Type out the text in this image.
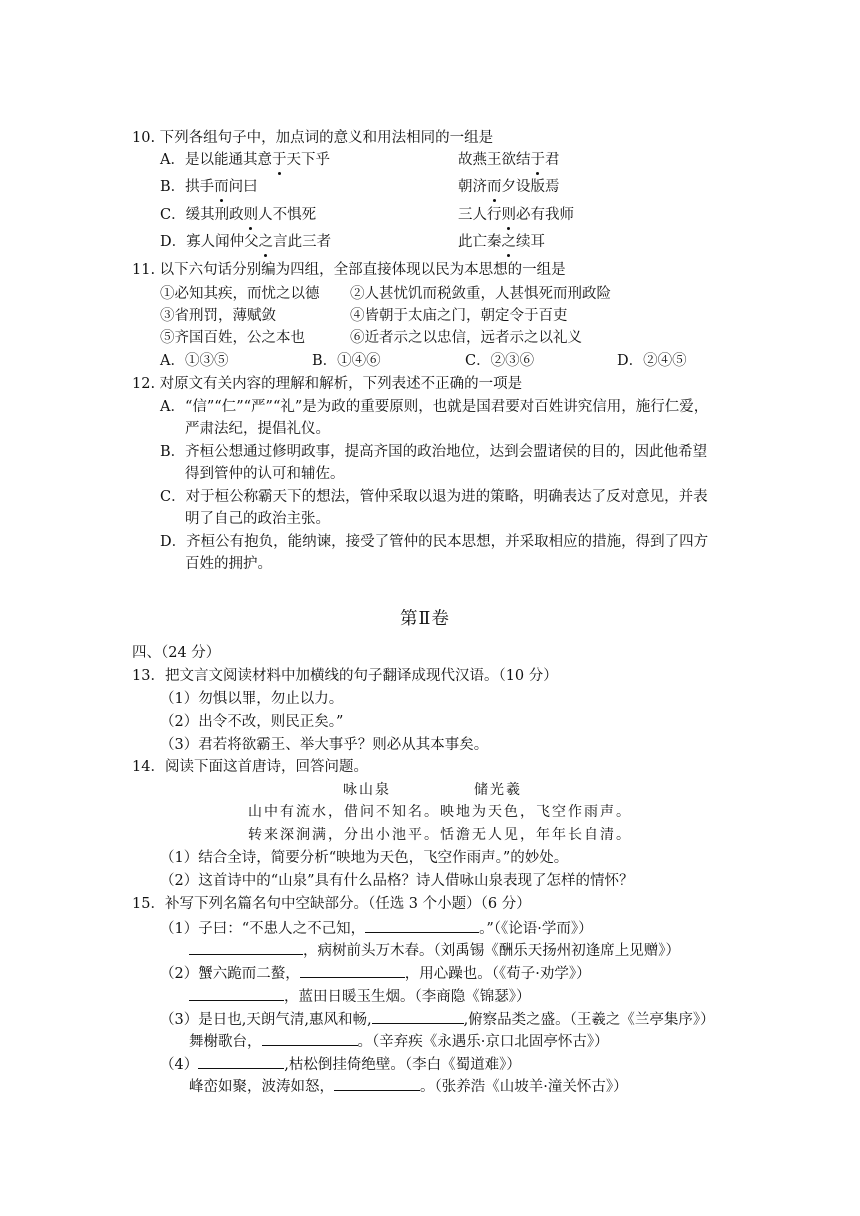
10. 下列各组句子中，加点词的意义和用法相同的一组是
A．是以能通其意于天下乎	故燕王欲结于君
B．拱手而问曰	朝济而夕设版焉
C．缓其刑政则人不惧死	三人行则必有我师
D．寡人闻仲父之言此三者	此亡秦之续耳
11. 以下六句话分别编为四组，全部直接体现以民为本思想的一组是
①必知其疾，而忧之以德 ②人甚忧饥而税敛重，人甚惧死而刑政险
③省刑罚，薄赋敛	④皆朝于太庙之门，朝定令于百吏
⑤齐国百姓，公之本也	⑥近者示之以忠信，远者示之以礼义
A．①③⑤	B．①④⑥	C．②③⑥	D．②④⑤
12. 对原文有关内容的理解和解析，下列表述不正确的一项是
A．“信”“仁”“严”“礼”是为政的重要原则，也就是国君要对百姓讲究信用，施行仁爱，
严肃法纪，提倡礼仪。
B．齐桓公想通过修明政事，提高齐国的政治地位，达到会盟诸侯的目的，因此他希望
得到管仲的认可和辅佐。
C．对于桓公称霸天下的想法，管仲采取以退为进的策略，明确表达了反对意见，并表
明了自己的政治主张。
D．齐桓公有抱负，能纳谏，接受了管仲的民本思想，并采取相应的措施，得到了四方
百姓的拥护。
第Ⅱ卷
四、（24 分）
13．把文言文阅读材料中加横线的句子翻译成现代汉语。（10 分）
（1）勿惧以罪，勿止以力。
（2）出令不改，则民正矣。”
（3）君若将欲霸王、举大事乎？则必从其本事矣。
14．阅读下面这首唐诗，回答问题。
咏山泉	储光羲
山中有流水，借问不知名。映地为天色，飞空作雨声。
转来深涧满，分出小池平。恬澹无人见，年年长自清。
（1）结合全诗，简要分析“映地为天色，飞空作雨声。”的妙处。
（2）这首诗中的“山泉”具有什么品格？诗人借咏山泉表现了怎样的情怀？
15．补写下列名篇名句中空缺部分。（任选 3 个小题）（6 分）
（1）子曰：“不患人之不己知，	。”（《论语·学而》）
，病树前头万木春。（刘禹锡《酬乐天扬州初逢席上见赠》）
（2）蟹六跪而二螯，	，用心躁也。（《荀子·劝学》）
，蓝田日暖玉生烟。（李商隐《锦瑟》）
（3）是日也,天朗气清,惠风和畅,	,俯察品类之盛。（王羲之《兰亭集序》）
舞榭歌台，	。（辛弃疾《永遇乐·京口北固亭怀古》）
（4）	,枯松倒挂倚绝壁。（李白《蜀道难》）
峰峦如聚，波涛如怒，	。（张养浩《山坡羊·潼关怀古》）
